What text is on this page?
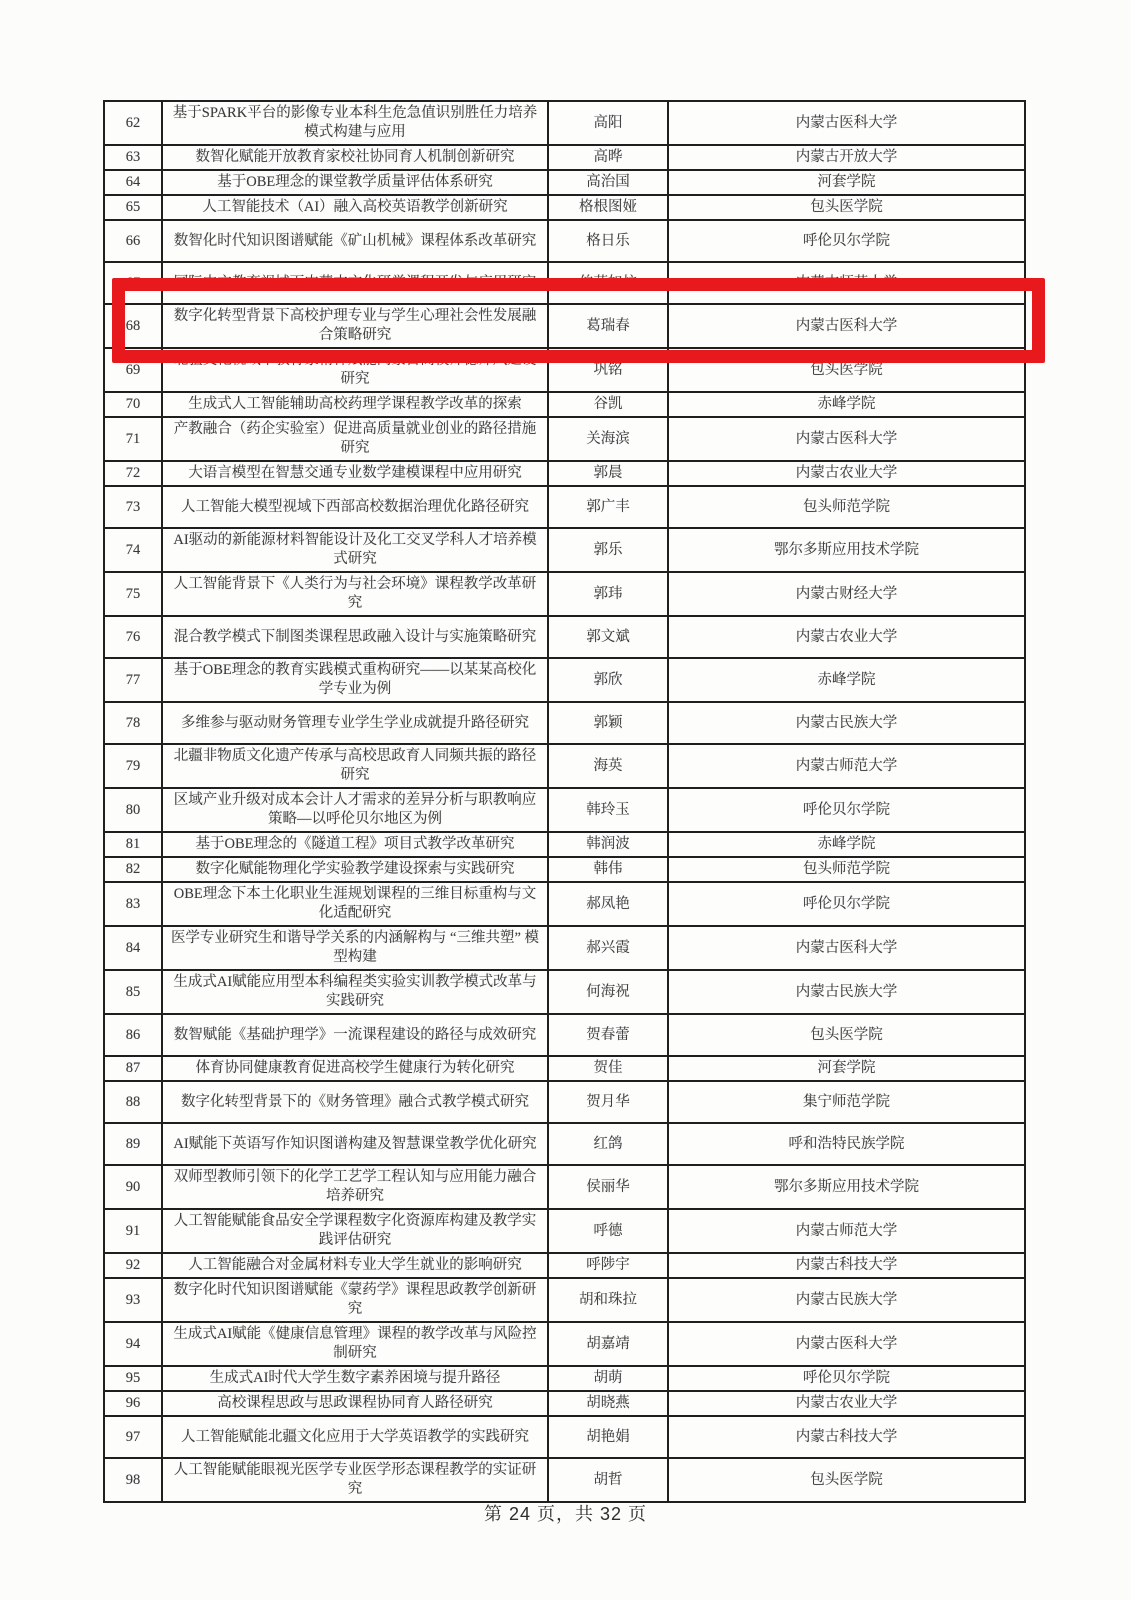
62	基于SPARK平台的影像专业本科生危急值识别胜任力培养模式构建与应用	高阳	内蒙古医科大学
63	数智化赋能开放教育家校社协同育人机制创新研究	高晔	内蒙古开放大学
64	基于OBE理念的课堂教学质量评估体系研究	高治国	河套学院
65	人工智能技术（AI）融入高校英语教学创新研究	格根图娅	包头医学院
66	数智化时代知识图谱赋能《矿山机械》课程体系改革研究	格日乐	呼伦贝尔学院
67	国际中文教育视域下内蒙古文化研学课程开发与应用研究	伯萨如拉	内蒙古师范大学
68	数字化转型背景下高校护理专业与学生心理社会性发展融合策略研究	葛瑞春	内蒙古医科大学
69	北疆文化视域下教育家精神赋能内蒙古高校师德师风建设研究	巩铭	包头医学院
70	生成式人工智能辅助高校药理学课程教学改革的探索	谷凯	赤峰学院
71	产教融合（药企实验室）促进高质量就业创业的路径措施研究	关海滨	内蒙古医科大学
72	大语言模型在智慧交通专业数学建模课程中应用研究	郭晨	内蒙古农业大学
73	人工智能大模型视域下西部高校数据治理优化路径研究	郭广丰	包头师范学院
74	AI驱动的新能源材料智能设计及化工交叉学科人才培养模式研究	郭乐	鄂尔多斯应用技术学院
75	人工智能背景下《人类行为与社会环境》课程教学改革研究	郭玮	内蒙古财经大学
76	混合教学模式下制图类课程思政融入设计与实施策略研究	郭文斌	内蒙古农业大学
77	基于OBE理念的教育实践模式重构研究——以某某高校化学专业为例	郭欣	赤峰学院
78	多维参与驱动财务管理专业学生学业成就提升路径研究	郭颖	内蒙古民族大学
79	北疆非物质文化遗产传承与高校思政育人同频共振的路径研究	海英	内蒙古师范大学
80	区域产业升级对成本会计人才需求的差异分析与职教响应策略—以呼伦贝尔地区为例	韩玲玉	呼伦贝尔学院
81	基于OBE理念的《隧道工程》项目式教学改革研究	韩润波	赤峰学院
82	数字化赋能物理化学实验教学建设探索与实践研究	韩伟	包头师范学院
83	OBE理念下本土化职业生涯规划课程的三维目标重构与文化适配研究	郝凤艳	呼伦贝尔学院
84	医学专业研究生和谐导学关系的内涵解构与 “三维共塑” 模型构建	郝兴霞	内蒙古医科大学
85	生成式AI赋能应用型本科编程类实验实训教学模式改革与实践研究	何海祝	内蒙古民族大学
86	数智赋能《基础护理学》一流课程建设的路径与成效研究	贺春蕾	包头医学院
87	体育协同健康教育促进高校学生健康行为转化研究	贺佳	河套学院
88	数字化转型背景下的《财务管理》融合式教学模式研究	贺月华	集宁师范学院
89	AI赋能下英语写作知识图谱构建及智慧课堂教学优化研究	红鸽	呼和浩特民族学院
90	双师型教师引领下的化学工艺学工程认知与应用能力融合培养研究	侯丽华	鄂尔多斯应用技术学院
91	人工智能赋能食品安全学课程数字化资源库构建及教学实践评估研究	呼德	内蒙古师范大学
92	人工智能融合对金属材料专业大学生就业的影响研究	呼陟宇	内蒙古科技大学
93	数字化时代知识图谱赋能《蒙药学》课程思政教学创新研究	胡和珠拉	内蒙古民族大学
94	生成式AI赋能《健康信息管理》课程的教学改革与风险控制研究	胡嘉靖	内蒙古医科大学
95	生成式AI时代大学生数字素养困境与提升路径	胡萌	呼伦贝尔学院
96	高校课程思政与思政课程协同育人路径研究	胡晓燕	内蒙古农业大学
97	人工智能赋能北疆文化应用于大学英语教学的实践研究	胡艳娟	内蒙古科技大学
98	人工智能赋能眼视光医学专业医学形态课程教学的实证研究	胡哲	包头医学院
第 24 页，共 32 页
